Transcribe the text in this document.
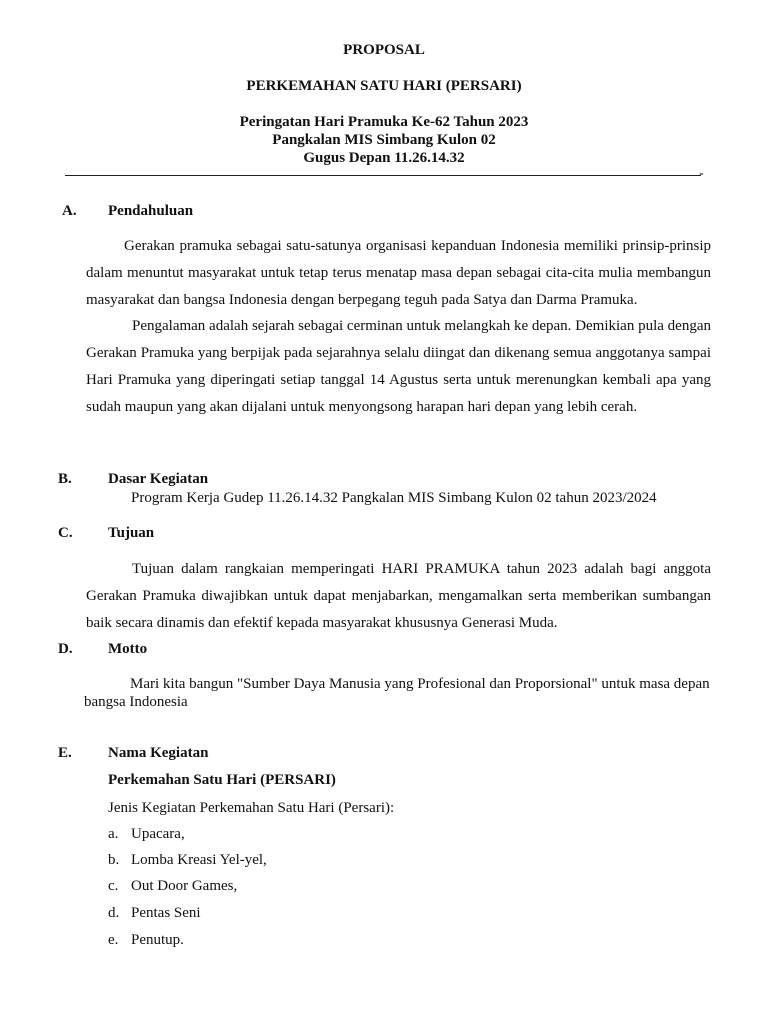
PROPOSAL
PERKEMAHAN SATU HARI (PERSARI)
Peringatan Hari Pramuka Ke-62 Tahun 2023
Pangkalan MIS Simbang Kulon 02
Gugus Depan 11.26.14.32
-
A. Pendahuluan

Gerakan pramuka sebagai satu-satunya organisasi kepanduan Indonesia memiliki prinsip-prinsip dalam menuntut masyarakat untuk tetap terus menatap masa depan sebagai cita-cita mulia membangun masyarakat dan bangsa Indonesia dengan berpegang teguh pada Satya dan Darma Pramuka.

Pengalaman adalah sejarah sebagai cerminan untuk melangkah ke depan. Demikian pula dengan Gerakan Pramuka yang berpijak pada sejarahnya selalu diingat dan dikenang semua anggotanya sampai Hari Pramuka yang diperingati setiap tanggal 14 Agustus serta untuk merenungkan kembali apa yang sudah maupun yang akan dijalani untuk menyongsong harapan hari depan yang lebih cerah.

B. Dasar Kegiatan
Program Kerja Gudep 11.26.14.32 Pangkalan MIS Simbang Kulon 02 tahun 2023/2024
C. Tujuan

Tujuan dalam rangkaian memperingati HARI PRAMUKA tahun 2023 adalah bagi anggota Gerakan Pramuka diwajibkan untuk dapat menjabarkan, mengamalkan serta memberikan sumbangan baik secara dinamis dan efektif kepada masyarakat khususnya Generasi Muda.

D. Motto
Mari kita bangun "Sumber Daya Manusia yang Profesional dan Proporsional" untuk masa depan
bangsa Indonesia
E. Nama Kegiatan
Perkemahan Satu Hari (PERSARI)
Jenis Kegiatan Perkemahan Satu Hari (Persari):
a. Upacara,
b. Lomba Kreasi Yel-yel,
c. Out Door Games,
d. Pentas Seni
e. Penutup.
